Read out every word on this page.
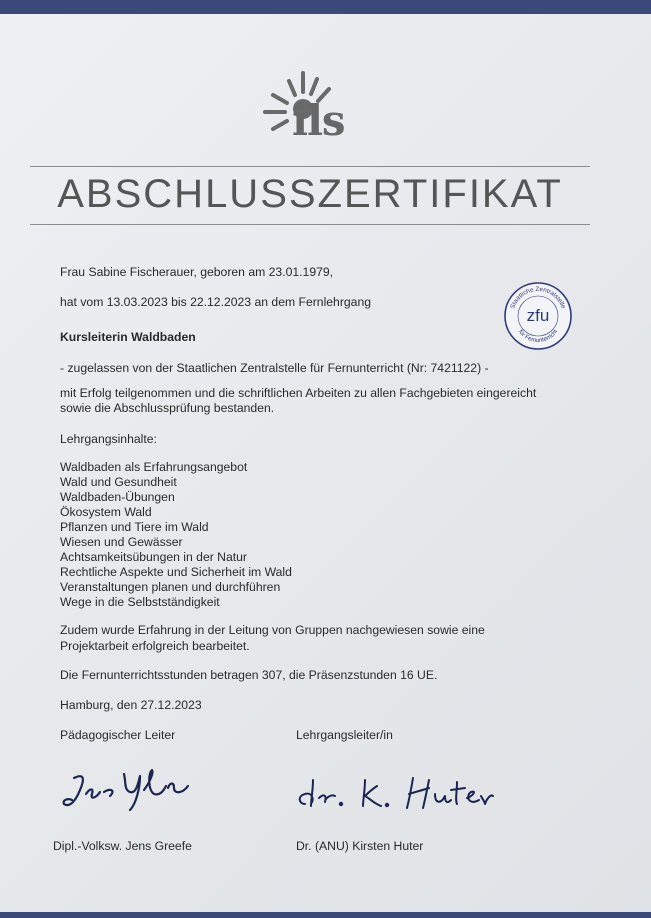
ils
ABSCHLUSSZERTIFIKAT
Staatliche Zentralstelle
zfu
für Fernunterricht
Frau Sabine Fischerauer, geboren am 23.01.1979,
hat vom 13.03.2023 bis 22.12.2023 an dem Fernlehrgang
Kursleiterin Waldbaden
- zugelassen von der Staatlichen Zentralstelle für Fernunterricht (Nr: 7421122) -
mit Erfolg teilgenommen und die schriftlichen Arbeiten zu allen Fachgebieten eingereicht
sowie die Abschlussprüfung bestanden.
Lehrgangsinhalte:
Waldbaden als Erfahrungsangebot
Wald und Gesundheit
Waldbaden-Übungen
Ökosystem Wald
Pflanzen und Tiere im Wald
Wiesen und Gewässer
Achtsamkeitsübungen in der Natur
Rechtliche Aspekte und Sicherheit im Wald
Veranstaltungen planen und durchführen
Wege in die Selbstständigkeit
Zudem wurde Erfahrung in der Leitung von Gruppen nachgewiesen sowie eine
Projektarbeit erfolgreich bearbeitet.
Die Fernunterrichtsstunden betragen 307, die Präsenzstunden 16 UE.
Hamburg, den 27.12.2023
Pädagogischer Leiter	Lehrgangsleiter/in
Dipl.-Volksw. Jens Greefe	Dr. (ANU) Kirsten Huter
